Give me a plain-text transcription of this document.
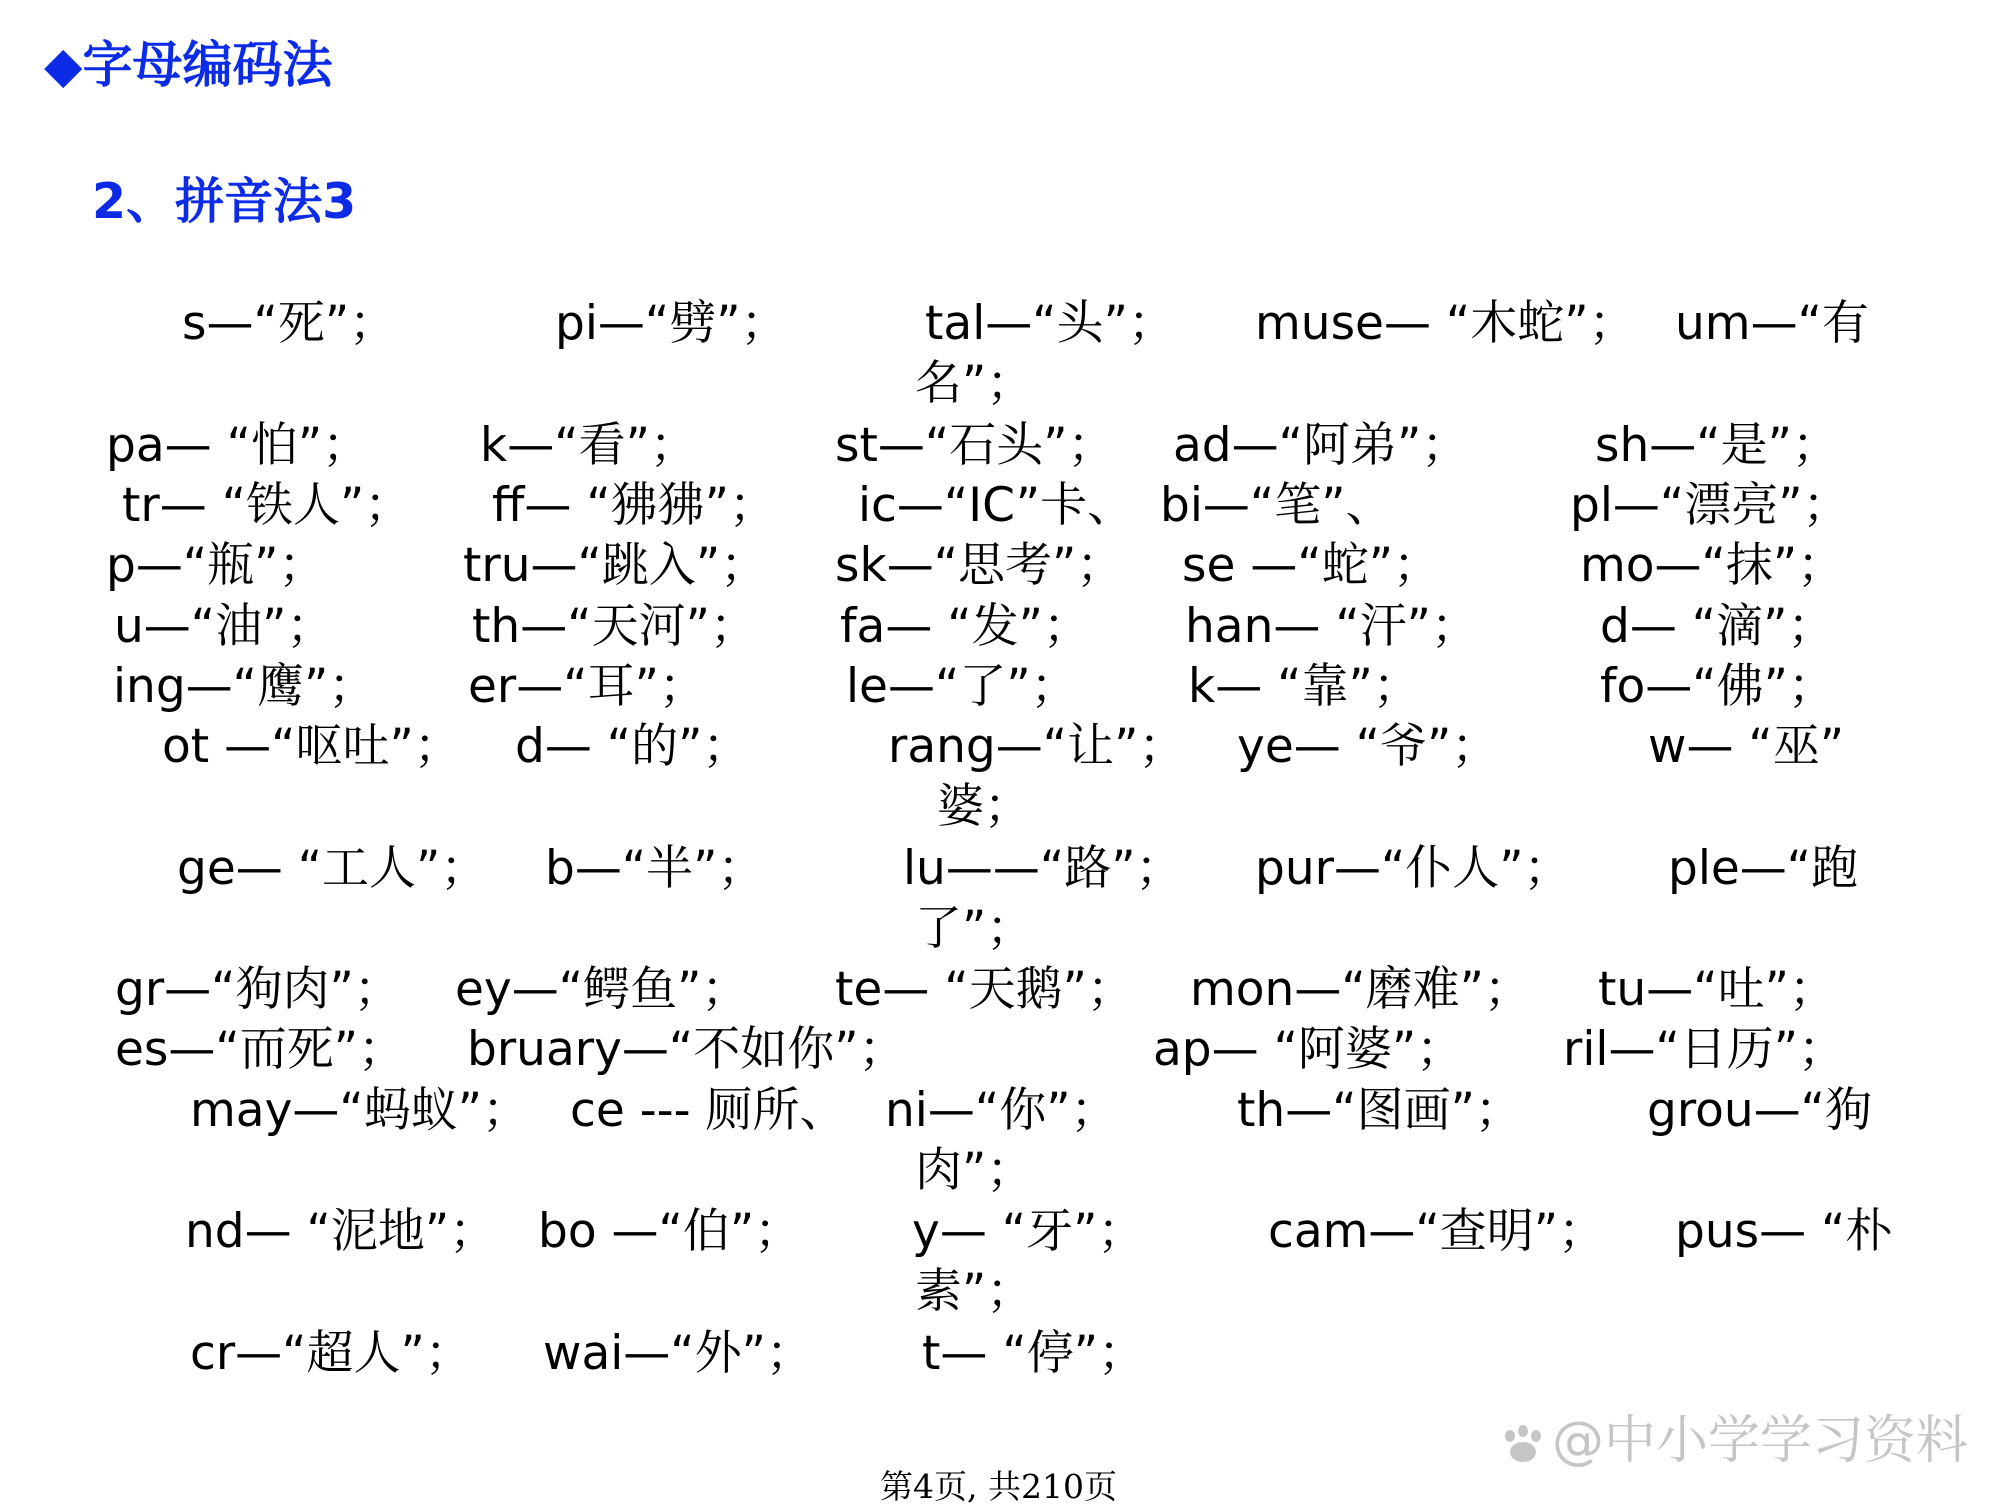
◆字母编码法
2、拼音法3
s—“死”；	pi—“劈”；	tal—“头”； muse— “木蛇”； um—“有
名”；
pa— “怕”； k—“看”；	st—“石头”； ad—“阿弟”；	sh—“是”；
tr— “铁人”； ff— “狒狒”； ic—“IC”卡、 bi—“笔”、	pl—“漂亮”；
p—“瓶”；	tru—“跳入”； sk—“思考”； se —“蛇”；	mo—“抹”；
u—“油”；	th—“天河”； fa— “发”； han— “汗”；	d— “滴”；
ing—“鹰”； er—“耳”；	le—“了”； k— “靠”；	fo—“佛”；
ot —“呕吐”； d— “的”；	rang—“让”； ye— “爷”；	w— “巫”
婆；
ge— “工人”； b—“半”；	lu——“路”； pur—“仆人”； ple—“跑
了”；
gr—“狗肉”； ey—“鳄鱼”； te— “天鹅”； mon—“磨难”； tu—“吐”；
es—“而死”； bruary—“不如你”；	ap— “阿婆”； ril—“日历”；
may—“蚂蚁”； ce --- 厕所、 ni—“你”；	th—“图画”；	grou—“狗
肉”；
nd— “泥地”； bo —“伯”； y— “牙”；	cam—“查明”； pus— “朴
素”；
cr—“超人”； wai—“外”； t— “停”；
第4页, 共210页
@中小学学习资料
